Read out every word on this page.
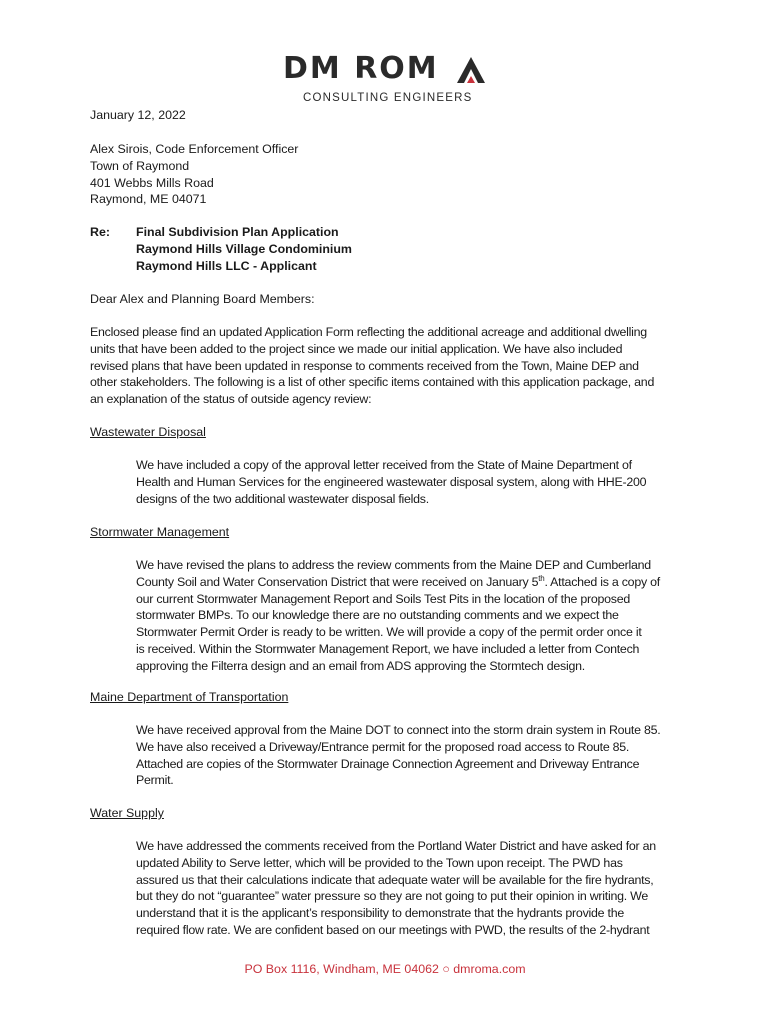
DM ROM
CONSULTING ENGINEERS
January 12, 2022
Alex Sirois, Code Enforcement Officer
Town of Raymond
401 Webbs Mills Road
Raymond, ME 04071
Re: Final Subdivision Plan Application
Raymond Hills Village Condominium
Raymond Hills LLC - Applicant
Dear Alex and Planning Board Members:
Enclosed please find an updated Application Form reflecting the additional acreage and additional dwelling
units that have been added to the project since we made our initial application. We have also included
revised plans that have been updated in response to comments received from the Town, Maine DEP and
other stakeholders. The following is a list of other specific items contained with this application package, and
an explanation of the status of outside agency review:
Wastewater Disposal
We have included a copy of the approval letter received from the State of Maine Department of
Health and Human Services for the engineered wastewater disposal system, along with HHE-200
designs of the two additional wastewater disposal fields.
Stormwater Management
We have revised the plans to address the review comments from the Maine DEP and Cumberland
County Soil and Water Conservation District that were received on January 5th. Attached is a copy of
our current Stormwater Management Report and Soils Test Pits in the location of the proposed
stormwater BMPs. To our knowledge there are no outstanding comments and we expect the
Stormwater Permit Order is ready to be written. We will provide a copy of the permit order once it
is received. Within the Stormwater Management Report, we have included a letter from Contech
approving the Filterra design and an email from ADS approving the Stormtech design.
Maine Department of Transportation
We have received approval from the Maine DOT to connect into the storm drain system in Route 85.
We have also received a Driveway/Entrance permit for the proposed road access to Route 85.
Attached are copies of the Stormwater Drainage Connection Agreement and Driveway Entrance
Permit.
Water Supply
We have addressed the comments received from the Portland Water District and have asked for an
updated Ability to Serve letter, which will be provided to the Town upon receipt. The PWD has
assured us that their calculations indicate that adequate water will be available for the fire hydrants,
but they do not “guarantee” water pressure so they are not going to put their opinion in writing. We
understand that it is the applicant’s responsibility to demonstrate that the hydrants provide the
required flow rate. We are confident based on our meetings with PWD, the results of the 2-hydrant
PO Box 1116, Windham, ME 04062 ○ dmroma.com
